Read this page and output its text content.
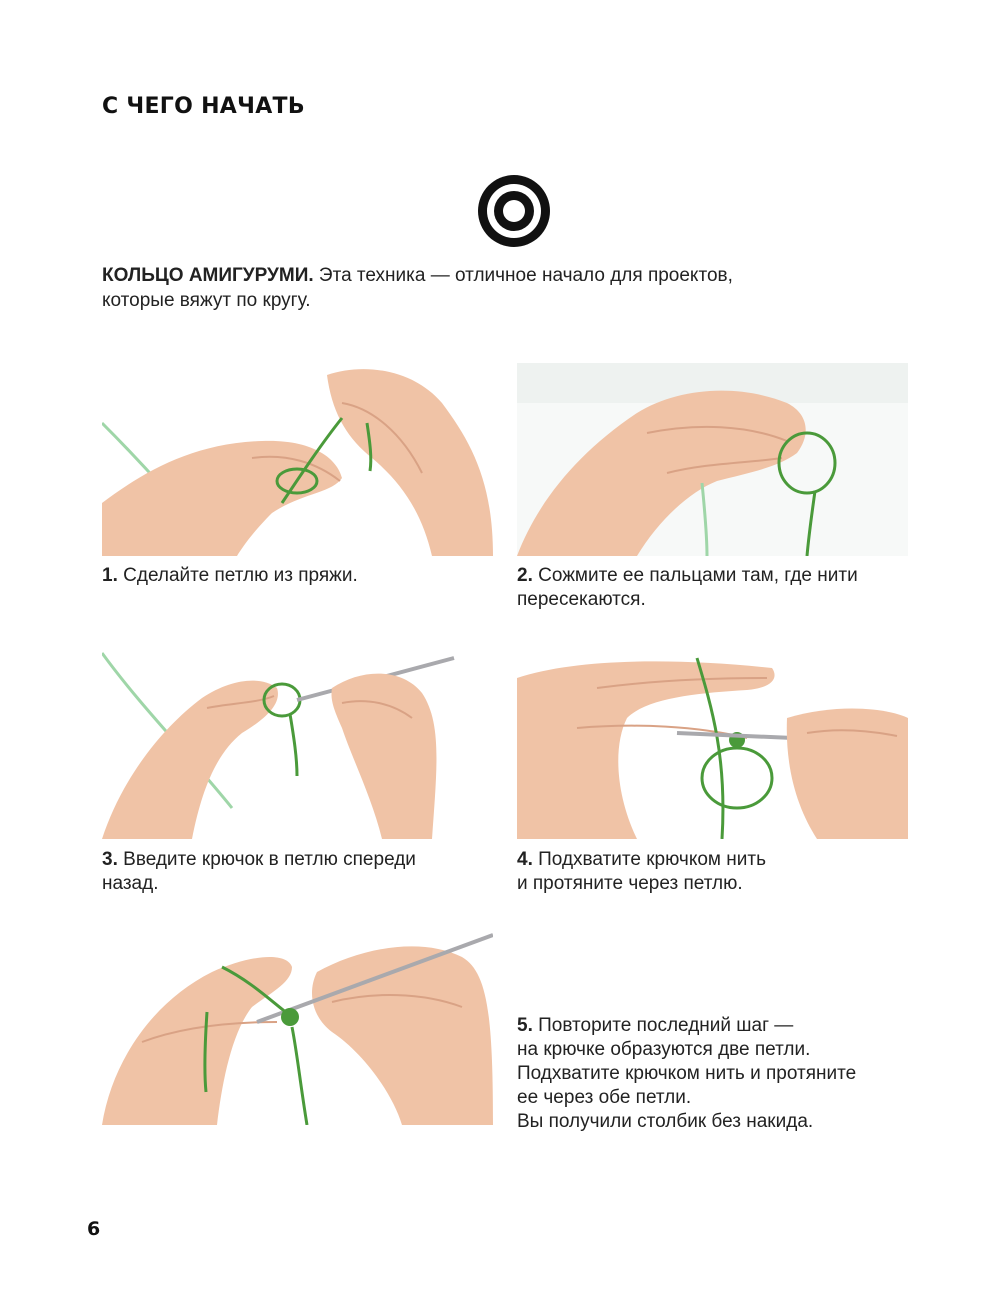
С ЧЕГО НАЧАТЬ
КОЛЬЦО АМИГУРУМИ. Эта техника — отличное начало для проектов,
которые вяжут по кругу.
1. Сделайте петлю из пряжи.	2. Сожмите ее пальцами там, где нити
пересекаются.
3. Введите крючок в петлю спереди
назад.
4. Подхватите крючком нить
и протяните через петлю.
5. Повторите последний шаг —
на крючке образуются две петли.
Подхватите крючком нить и протяните
ее через обе петли.
Вы получили столбик без накида.
6
